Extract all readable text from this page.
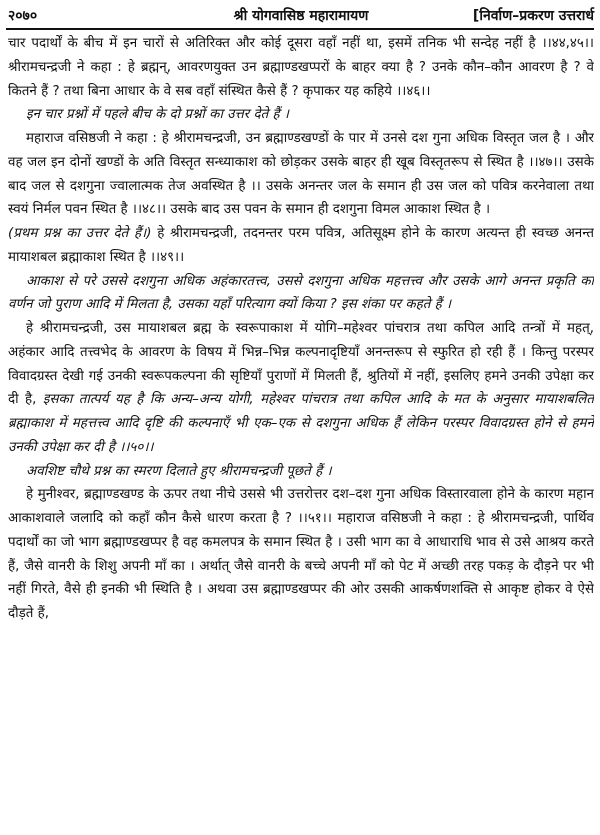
२०७०	श्री योगवासिष्ठ महारामायण	[निर्वाण–प्रकरण उत्तरार्ध

चार पदार्थों के बीच में इन चारों से अतिरिक्त और कोई दूसरा वहाँ नहीं था, इसमें तनिक भी सन्देह नहीं है ।।४४,४५।। श्रीरामचन्द्रजी ने कहा : हे ब्रह्मन्, आवरणयुक्त उन ब्रह्माण्डखप्परों के बाहर क्या है ? उनके कौन–कौन आवरण है ? वे कितने हैं ? तथा बिना आधार के वे सब वहाँ संस्थित कैसे हैं ? कृपाकर यह कहिये ।।४६।।

इन चार प्रश्नों में पहले बीच के दो प्रश्नों का उत्तर देते हैं ।

महाराज वसिष्ठजी ने कहा : हे श्रीरामचन्द्रजी, उन ब्रह्माण्डखण्डों के पार में उनसे दश गुना अधिक विस्तृत जल है । और वह जल इन दोनों खण्डों के अति विस्तृत सन्ध्याकाश को छोड़कर उसके बाहर ही खूब विस्तृतरूप से स्थित है ।।४७।। उसके बाद जल से दशगुना ज्वालात्मक तेज अवस्थित है ।। उसके अनन्तर जल के समान ही उस जल को पवित्र करनेवाला तथा स्वयं निर्मल पवन स्थित है ।।४८।। उसके बाद उस पवन के समान ही दशगुना विमल आकाश स्थित है ।

(प्रथम प्रश्न का उत्तर देते हैं।) हे श्रीरामचन्द्रजी, तदनन्तर परम पवित्र, अतिसूक्ष्म होने के कारण अत्यन्त ही स्वच्छ अनन्त मायाशबल ब्रह्माकाश स्थित है ।।४९।।

आकाश से परे उससे दशगुना अधिक अहंकारतत्त्व, उससे दशगुना अधिक महत्तत्त्व और उसके आगे अनन्त प्रकृति का वर्णन जो पुराण आदि में मिलता है, उसका यहाँ परित्याग क्यों किया ? इस शंका पर कहते हैं ।

हे श्रीरामचन्द्रजी, उस मायाशबल ब्रह्म के स्वरूपाकाश में योगि–महेश्वर पांचरात्र तथा कपिल आदि तन्त्रों में महत्, अहंकार आदि तत्त्वभेद के आवरण के विषय में भिन्न–भिन्न कल्पनादृष्टियाँ अनन्तरूप से स्फुरित हो रही हैं । किन्तु परस्पर विवादग्रस्त देखी गई उनकी स्वरूपकल्पना की सृष्टियाँ पुराणों में मिलती हैं, श्रुतियों में नहीं, इसलिए हमने उनकी उपेक्षा कर दी है, इसका तात्पर्य यह है कि अन्य–अन्य योगी, महेश्वर पांचरात्र तथा कपिल आदि के मत के अनुसार मायाशबलित ब्रह्माकाश में महत्तत्त्व आदि दृष्टि की कल्पनाएँ भी एक–एक से दशगुना अधिक हैं लेकिन परस्पर विवादग्रस्त होने से हमने उनकी उपेक्षा कर दी है ।।५०।।

अवशिष्ट चौथे प्रश्न का स्मरण दिलाते हुए श्रीरामचन्द्रजी पूछते हैं ।

हे मुनीश्वर, ब्रह्माण्डखण्ड के ऊपर तथा नीचे उससे भी उत्तरोत्तर दश–दश गुना अधिक विस्तारवाला होने के कारण महान आकाशवाले जलादि को कहाँ कौन कैसे धारण करता है ? ।।५१।। महाराज वसिष्ठजी ने कहा : हे श्रीरामचन्द्रजी, पार्थिव पदार्थों का जो भाग ब्रह्माण्डखप्पर है वह कमलपत्र के समान स्थित है । उसी भाग का वे आधाराधि भाव से उसे आश्रय करते हैं, जैसे वानरी के शिशु अपनी माँ का । अर्थात् जैसे वानरी के बच्चे अपनी माँ को पेट में अच्छी तरह पकड़ के दौड़ने पर भी नहीं गिरते, वैसे ही इनकी भी स्थिति है । अथवा उस ब्रह्माण्डखप्पर की ओर उसकी आकर्षणशक्ति से आकृष्ट होकर वे ऐसे दौड़ते हैं,
